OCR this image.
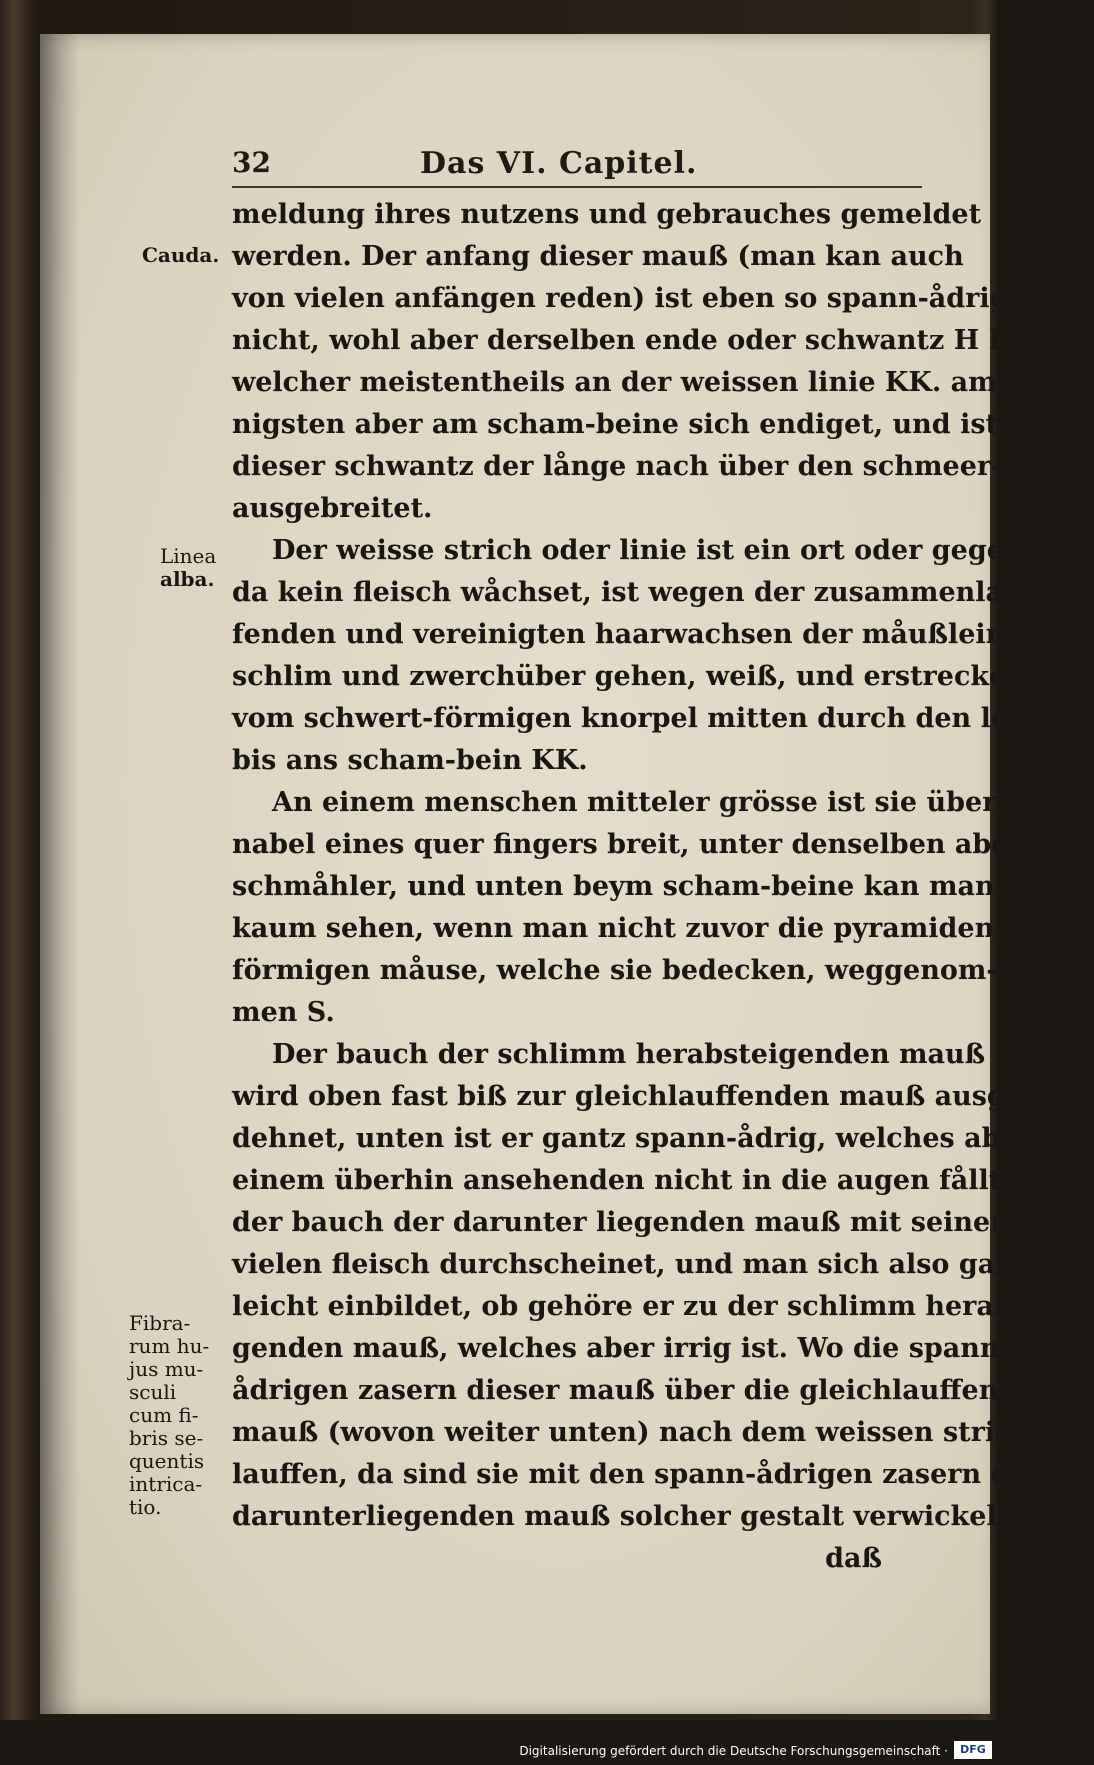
32	Das VI. Capitel.
Cauda.
Linea
alba.
Fibra-
rum hu-
jus mu-
sculi
cum fi-
bris se-
quentis
intrica-
tio.
meldung ihres nutzens und gebrauches gemeldet
werden. Der anfang dieser mauß (man kan auch
von vielen anfängen reden) ist eben so spann-ådrig
nicht, wohl aber derselben ende oder schwantz H H.
welcher meistentheils an der weissen linie KK. am we-
nigsten aber am scham-beine sich endiget, und ist eben
dieser schwantz der långe nach über den schmeer-bauch
ausgebreitet.
Der weisse strich oder linie ist ein ort oder gegend,
da kein fleisch wåchset, ist wegen der zusammenlauf-
fenden und vereinigten haarwachsen der måußlein, so
schlim und zwerchüber gehen, weiß, und erstrecket sich
vom schwert-förmigen knorpel mitten durch den leib
bis ans scham-bein KK.
An einem menschen mitteler grösse ist sie über den
nabel eines quer fingers breit, unter denselben aber
schmåhler, und unten beym scham-beine kan man sie
kaum sehen, wenn man nicht zuvor die pyramiden
förmigen måuse, welche sie bedecken, weggenom-
men S.
Der bauch der schlimm herabsteigenden mauß
wird oben fast biß zur gleichlauffenden mauß ausge-
dehnet, unten ist er gantz spann-ådrig, welches aber
einem überhin ansehenden nicht in die augen fållt, weil
der bauch der darunter liegenden mauß mit seinem
vielen fleisch durchscheinet, und man sich also gar
leicht einbildet, ob gehöre er zu der schlimm herabstei-
genden mauß, welches aber irrig ist. Wo die spann-
ådrigen zasern dieser mauß über die gleichlauffende
mauß (wovon weiter unten) nach dem weissen strich
lauffen, da sind sie mit den spann-ådrigen zasern der
darunterliegenden mauß solcher gestalt verwickelt
daß
Digitalisierung gefördert durch die Deutsche Forschungsgemeinschaft ·	DFG
